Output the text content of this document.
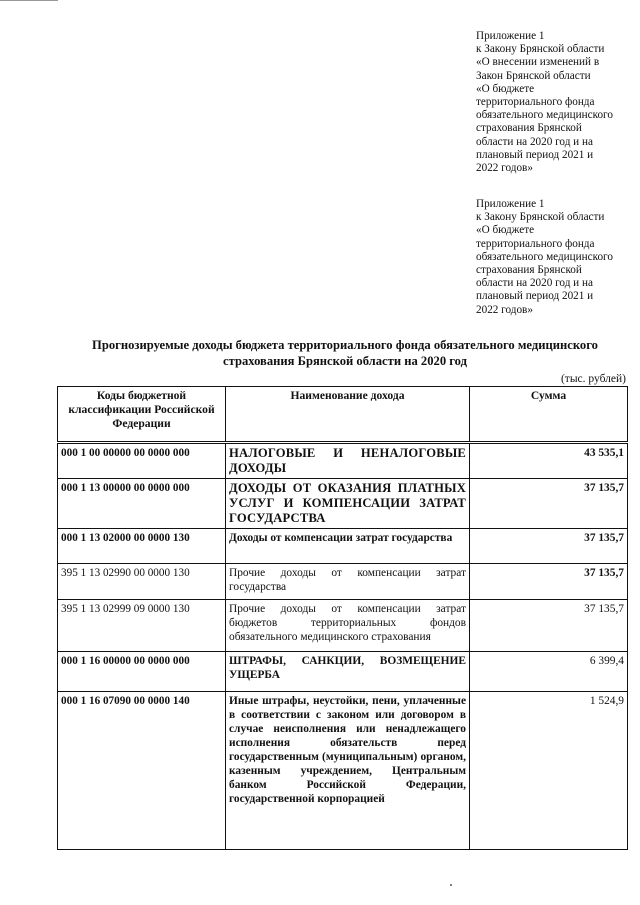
Приложение 1
к Закону Брянской области
«О внесении изменений в
Закон Брянской области
«О бюджете
территориального фонда
обязательного медицинского
страхования Брянской
области на 2020 год и на
плановый период 2021 и
2022 годов»
Приложение 1
к Закону Брянской области
«О бюджете
территориального фонда
обязательного медицинского
страхования Брянской
области на 2020 год и на
плановый период 2021 и
2022 годов»
Прогнозируемые доходы бюджета территориального фонда обязательного медицинского
страхования Брянской области на 2020 год
(тыс. рублей)
Коды бюджетной классификации Российской Федерации	Наименование дохода	Сумма
000 1 00 00000 00 0000 000	НАЛОГОВЫЕ И НЕНАЛОГОВЫЕ ДОХОДЫ	43 535,1
000 1 13 00000 00 0000 000	ДОХОДЫ ОТ ОКАЗАНИЯ ПЛАТНЫХ УСЛУГ И КОМПЕНСАЦИИ ЗАТРАТ ГОСУДАРСТВА	37 135,7
000 1 13 02000 00 0000 130	Доходы от компенсации затрат государства	37 135,7
395 1 13 02990 00 0000 130	Прочие доходы от компенсации затрат государства	37 135,7
395 1 13 02999 09 0000 130	Прочие доходы от компенсации затрат бюджетов территориальных фондов обязательного медицинского страхования	37 135,7
000 1 16 00000 00 0000 000	ШТРАФЫ, САНКЦИИ, ВОЗМЕЩЕНИЕ УЩЕРБА	6 399,4
000 1 16 07090 00 0000 140	Иные штрафы, неустойки, пени, уплаченные в соответствии с законом или договором в случае неисполнения или ненадлежащего исполнения обязательств перед государственным (муниципальным) органом, казенным учреждением, Центральным банком Российской Федерации, государственной корпорацией	1 524,9
